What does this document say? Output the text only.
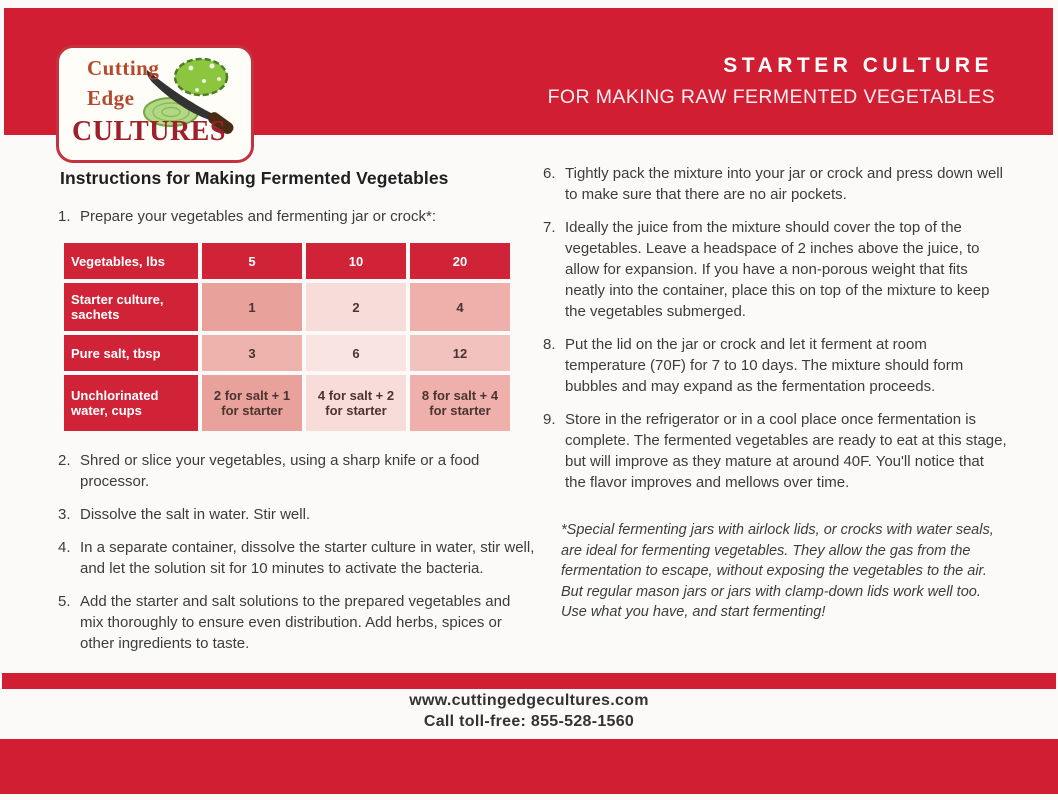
STARTER CULTURE
FOR MAKING RAW FERMENTED VEGETABLES
Cutting
Edge
CULTURES
Instructions for Making Fermented Vegetables
1. Prepare your vegetables and fermenting jar or crock*:
Vegetables, lbs	5	10	20
Starter culture, sachets	1	2	4
Pure salt, tbsp	3	6	12
Unchlorinated water, cups	2 for salt + 1 for starter	4 for salt + 2 for starter	8 for salt + 4 for starter
2. Shred or slice your vegetables, using a sharp knife or a food processor.
3. Dissolve the salt in water. Stir well.
4. In a separate container, dissolve the starter culture in water, stir well, and let the solution sit for 10 minutes to activate the bacteria.
5. Add the starter and salt solutions to the prepared vegetables and mix thoroughly to ensure even distribution. Add herbs, spices or other ingredients to taste.
6. Tightly pack the mixture into your jar or crock and press down well to make sure that there are no air pockets.
7. Ideally the juice from the mixture should cover the top of the vegetables. Leave a headspace of 2 inches above the juice, to allow for expansion. If you have a non-porous weight that fits neatly into the container, place this on top of the mixture to keep the vegetables submerged.
8. Put the lid on the jar or crock and let it ferment at room temperature (70F) for 7 to 10 days. The mixture should form bubbles and may expand as the fermentation proceeds.
9. Store in the refrigerator or in a cool place once fermentation is complete. The fermented vegetables are ready to eat at this stage, but will improve as they mature at around 40F. You'll notice that the flavor improves and mellows over time.
*Special fermenting jars with airlock lids, or crocks with water seals, are ideal for fermenting vegetables. They allow the gas from the fermentation to escape, without exposing the vegetables to the air. But regular mason jars or jars with clamp-down lids work well too. Use what you have, and start fermenting!
www.cuttingedgecultures.com
Call toll-free: 855-528-1560
